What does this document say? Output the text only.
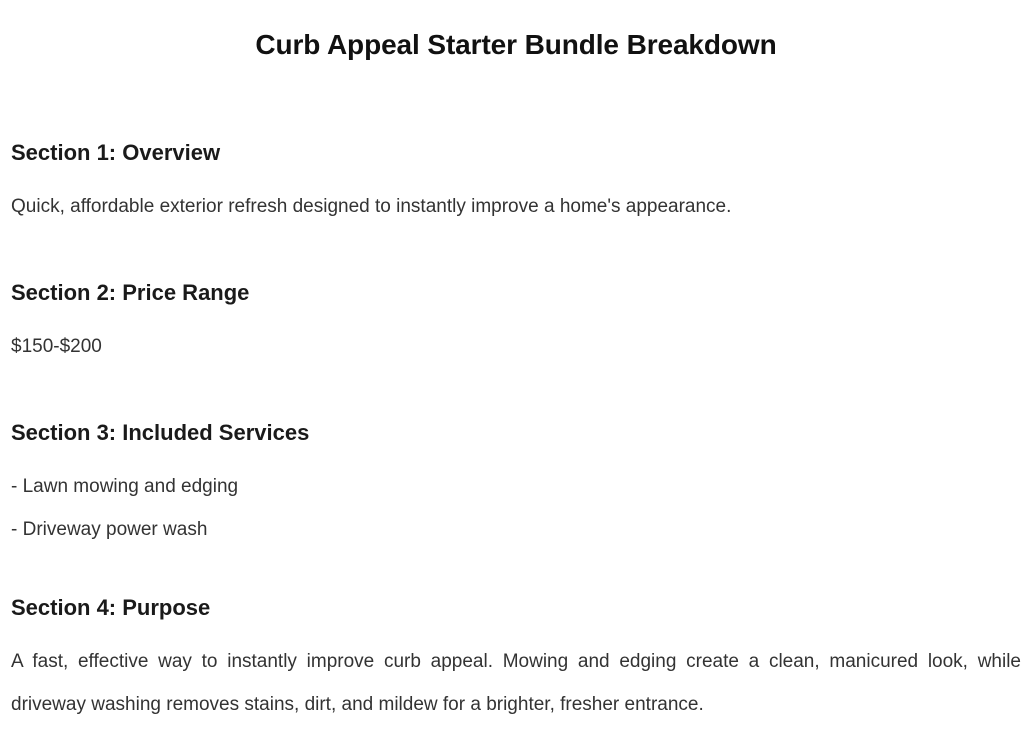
Curb Appeal Starter Bundle Breakdown
Section 1: Overview

Quick, affordable exterior refresh designed to instantly improve a home's appearance.

Section 2: Price Range

$150-$200

Section 3: Included Services
- Lawn mowing and edging
- Driveway power wash
Section 4: Purpose

A fast, effective way to instantly improve curb appeal. Mowing and edging create a clean, manicured look, while driveway washing removes stains, dirt, and mildew for a brighter, fresher entrance.
